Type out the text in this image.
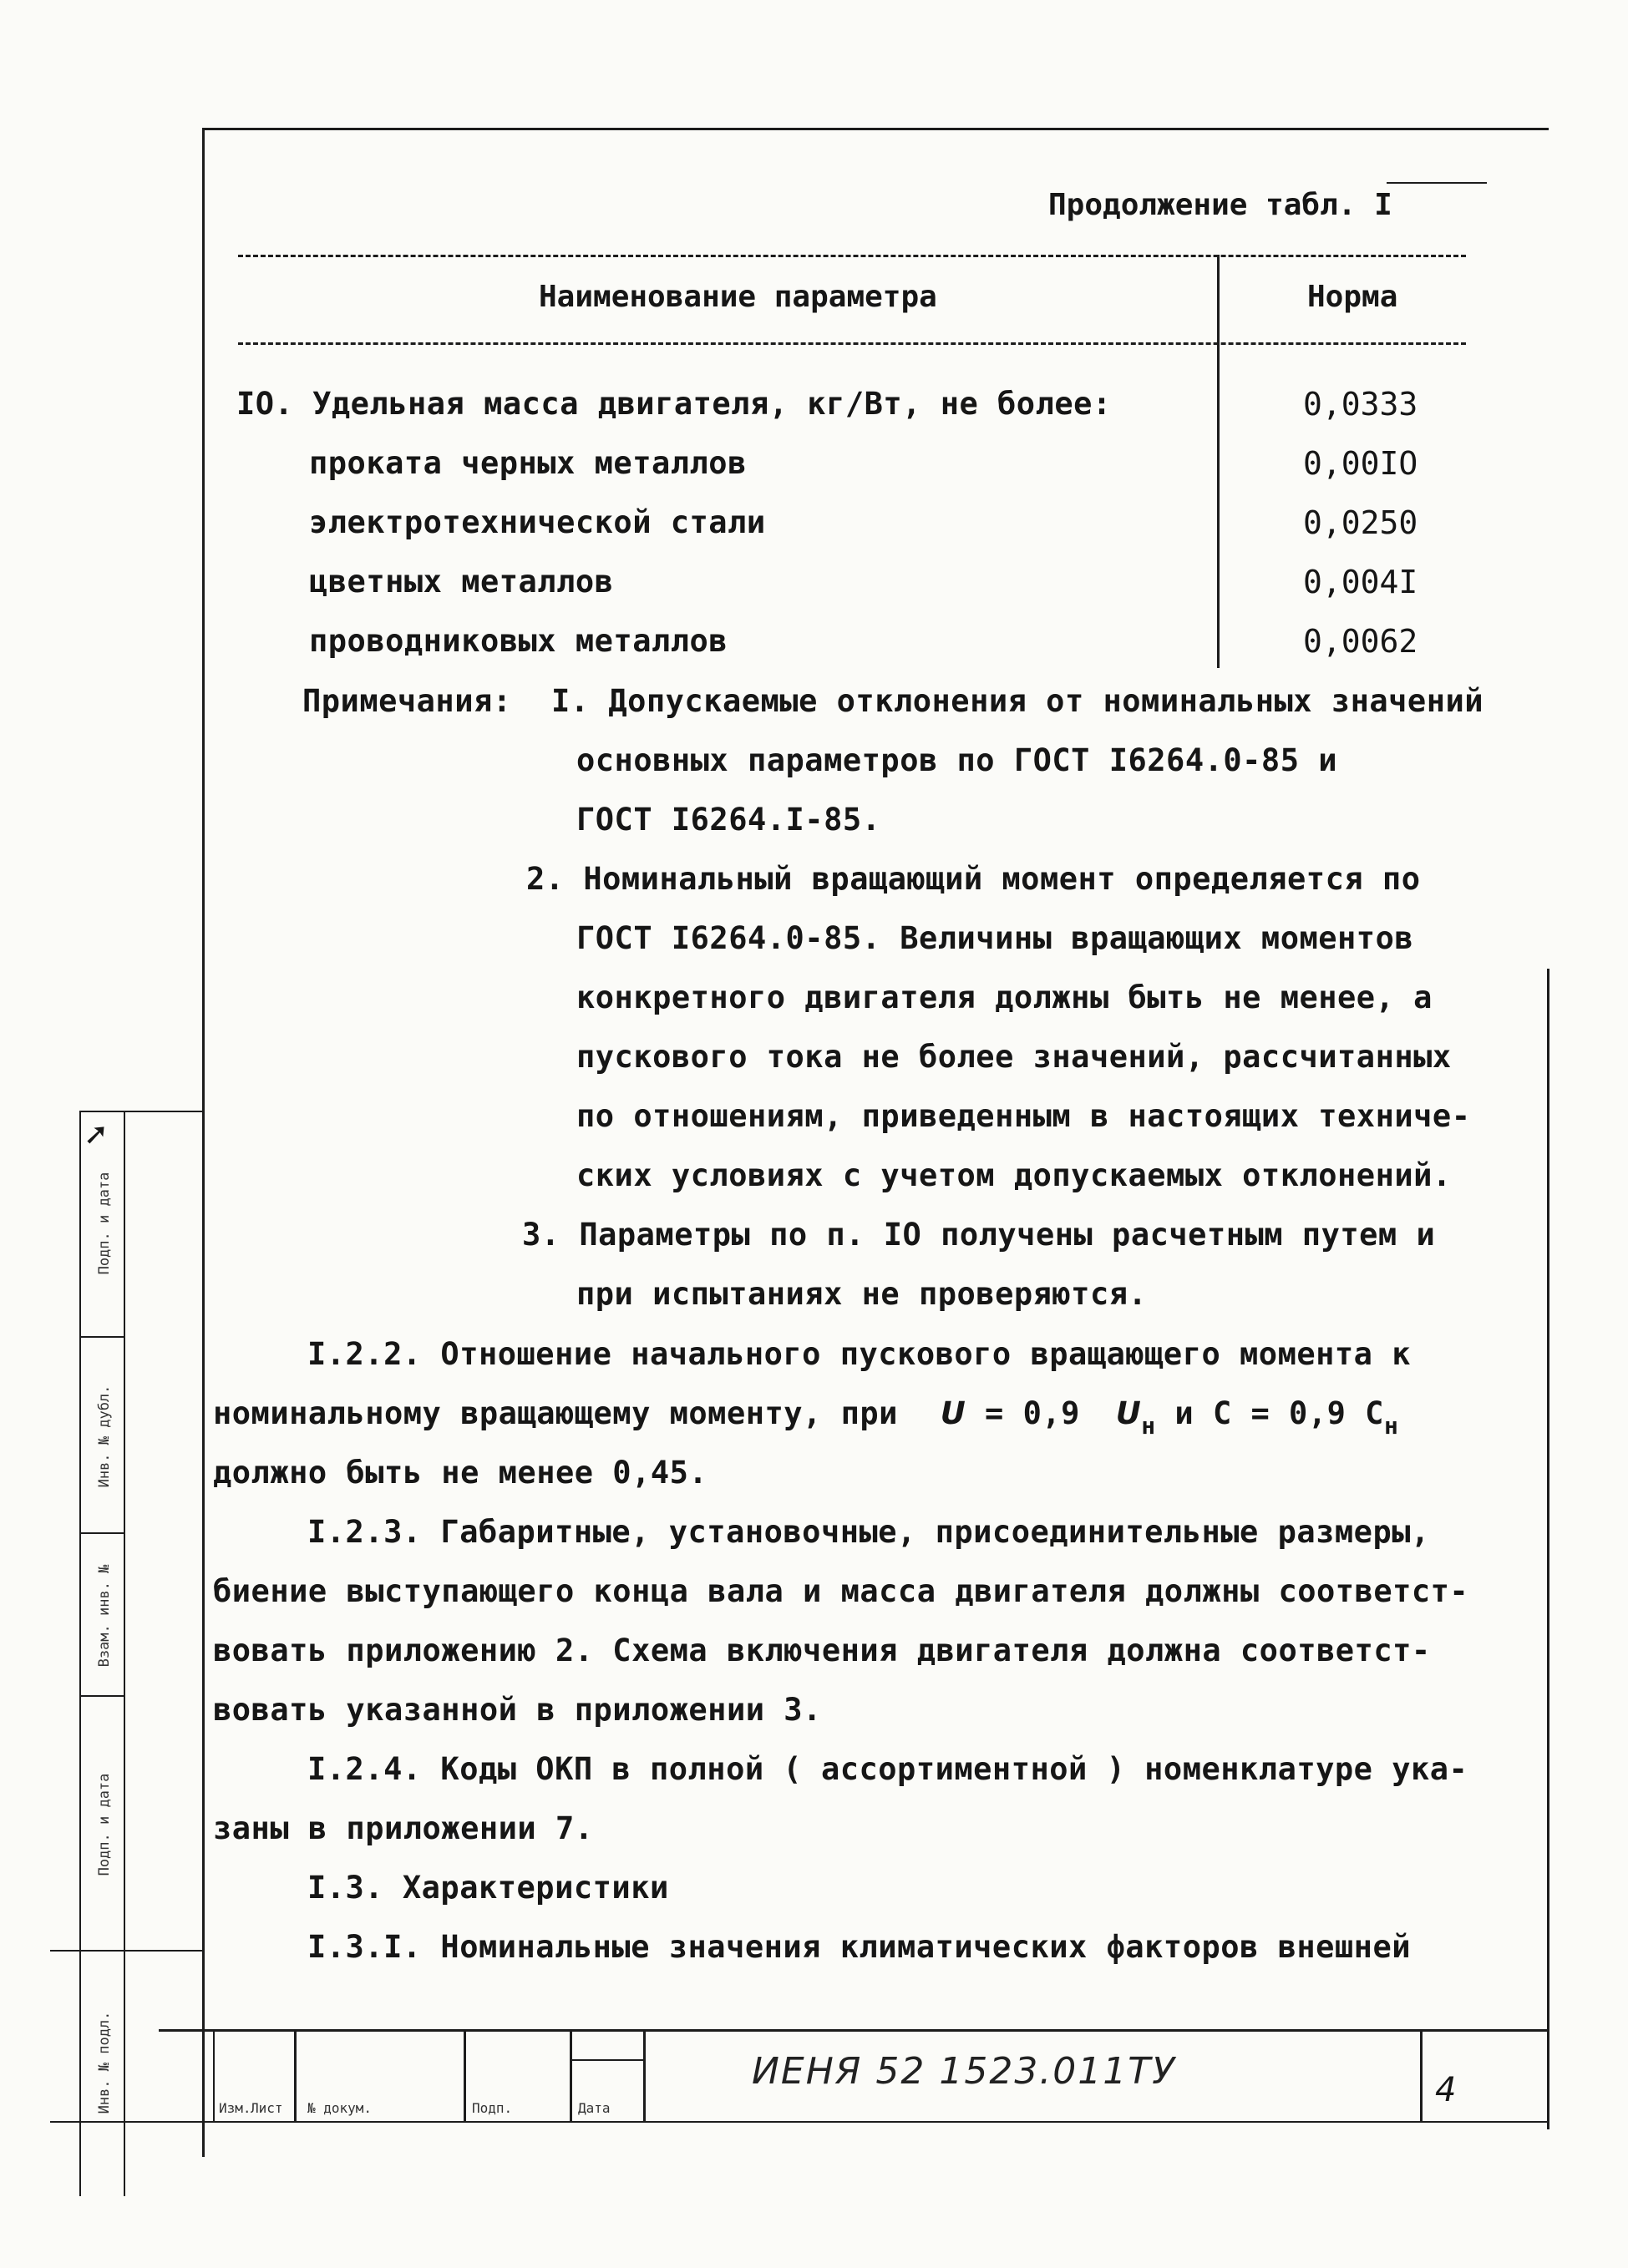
Продолжение табл. I
Наименование параметра	Норма
IO. Удельная масса двигателя, кг/Вт, не более:	0,0333
проката черных металлов	0,00IO
электротехнической стали	0,0250
цветных металлов	0,004I
проводниковых металлов	0,0062
Примечания: I. Допускаемые отклонения от номинальных значений
основных параметров по ГОСТ I6264.0-85 и
ГОСТ I6264.I-85.
2. Номинальный вращающий момент определяется по
ГОСТ I6264.0-85. Величины вращающих моментов
конкретного двигателя должны быть не менее, а
пускового тока не более значений, рассчитанных
по отношениям, приведенным в настоящих техниче-
ских условиях с учетом допускаемых отклонений.
3. Параметры по п. IO получены расчетным путем и
при испытаниях не проверяются.
I.2.2. Отношение начального пускового вращающего момента к
номинальному вращающему моменту, при U = 0,9 $U_н$ и С = 0,9 $С_н$
должно быть не менее 0,45.
I.2.3. Габаритные, установочные, присоединительные размеры,
биение выступающего конца вала и масса двигателя должны соответст-
вовать приложению 2. Схема включения двигателя должна соответст-
вовать указанной в приложении 3.
I.2.4. Коды ОКП в полной ( ассортиментной ) номенклатуре ука-
заны в приложении 7.
I.3. Характеристики
I.3.I. Номинальные значения климатических факторов внешней
Подп. и дата
Инв. № дубл.
Взам. инв. №
Подп. и дата
Инв. № подл.
➚
Изм. Лист № докум.	Подп.	Дата
ИЕНЯ 52 1523.011ТУ	4
